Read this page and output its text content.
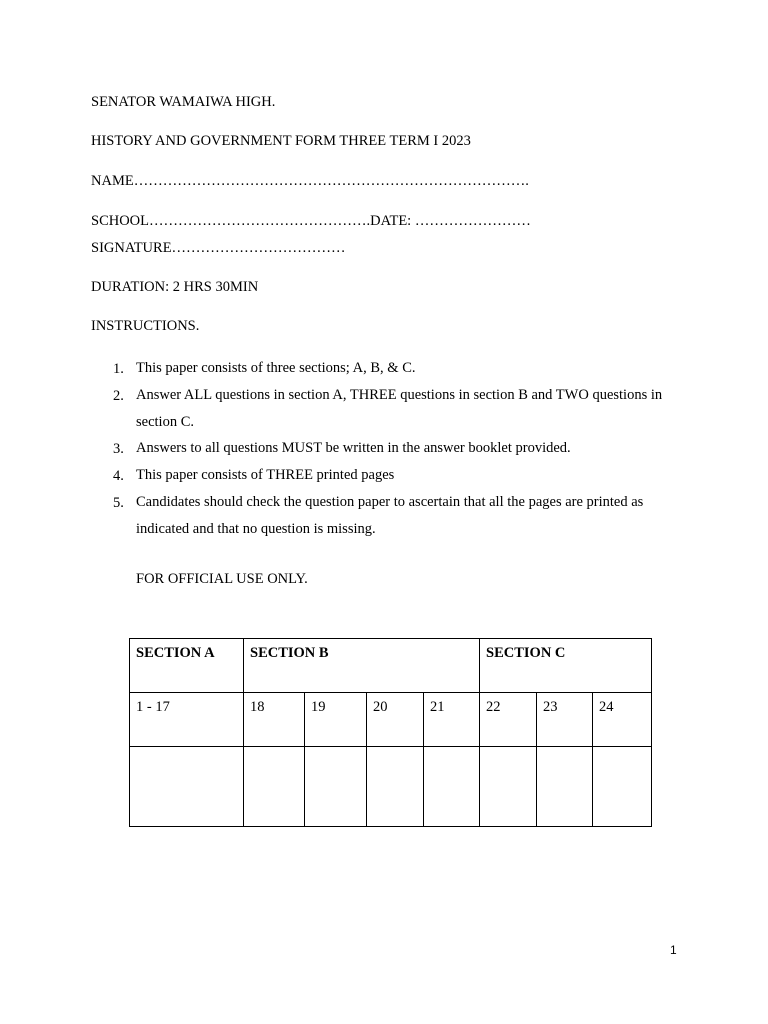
SENATOR WAMAIWA HIGH.
HISTORY AND GOVERNMENT FORM THREE TERM I 2023
NAME……………………………………………………………………….
SCHOOL……………………………………….DATE: ……………………
SIGNATURE………………………………
DURATION: 2 HRS 30MIN
INSTRUCTIONS.
1. This paper consists of three sections; A, B, & C.
2. Answer ALL questions in section A, THREE questions in section B and TWO questions in section C.
3. Answers to all questions MUST be written in the answer booklet provided.
4. This paper consists of THREE printed pages
5. Candidates should check the question paper to ascertain that all the pages are printed as indicated and that no question is missing.
FOR OFFICIAL USE ONLY.
SECTION A	SECTION B				SECTION C		
1 - 17	18	19	20	21	22	23	24

1
